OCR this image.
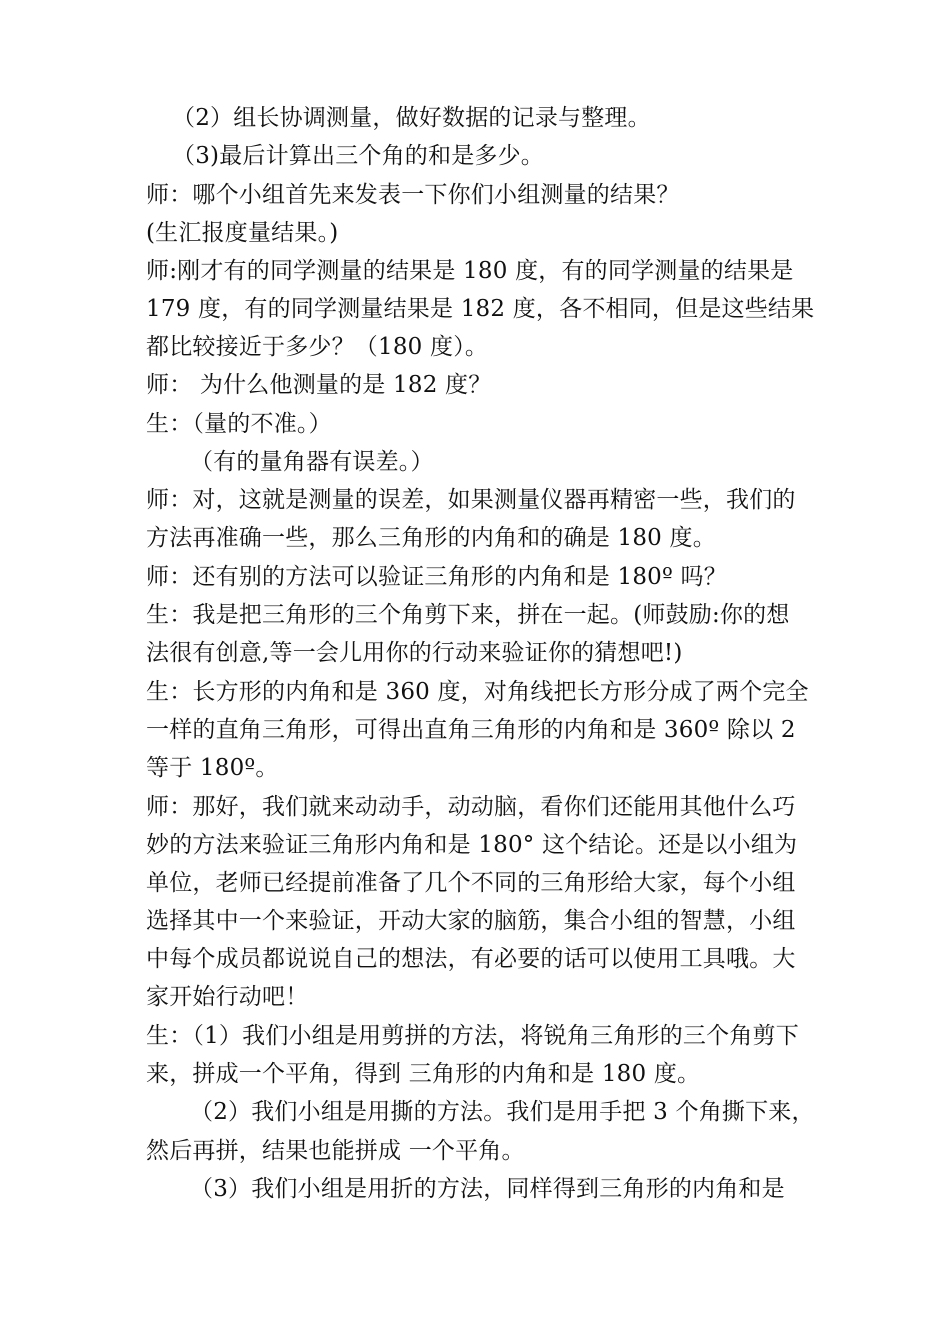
（2）组长协调测量，做好数据的记录与整理。
（3)最后计算出三个角的和是多少。
师：哪个小组首先来发表一下你们小组测量的结果？
(生汇报度量结果。)
师:刚才有的同学测量的结果是 180 度，有的同学测量的结果是
179 度，有的同学测量结果是 182 度，各不相同，但是这些结果
都比较接近于多少？（180 度）。
师： 为什么他测量的是 182 度？
生：（量的不准。）
（有的量角器有误差。）
师：对，这就是测量的误差，如果测量仪器再精密一些，我们的
方法再准确一些，那么三角形的内角和的确是 180 度。
师：还有别的方法可以验证三角形的内角和是 180º 吗？
生：我是把三角形的三个角剪下来，拼在一起。(师鼓励:你的想
法很有创意,等一会儿用你的行动来验证你的猜想吧!)
生：长方形的内角和是 360 度，对角线把长方形分成了两个完全
一样的直角三角形，可得出直角三角形的内角和是 360º 除以 2
等于 180º。
师：那好，我们就来动动手，动动脑，看你们还能用其他什么巧
妙的方法来验证三角形内角和是 180° 这个结论。还是以小组为
单位，老师已经提前准备了几个不同的三角形给大家，每个小组
选择其中一个来验证，开动大家的脑筋，集合小组的智慧，小组
中每个成员都说说自己的想法，有必要的话可以使用工具哦。大
家开始行动吧！
生：（1）我们小组是用剪拼的方法，将锐角三角形的三个角剪下
来，拼成一个平角，得到 三角形的内角和是 180 度。
（2）我们小组是用撕的方法。我们是用手把 3 个角撕下来，
然后再拼，结果也能拼成 一个平角。
（3）我们小组是用折的方法，同样得到三角形的内角和是
